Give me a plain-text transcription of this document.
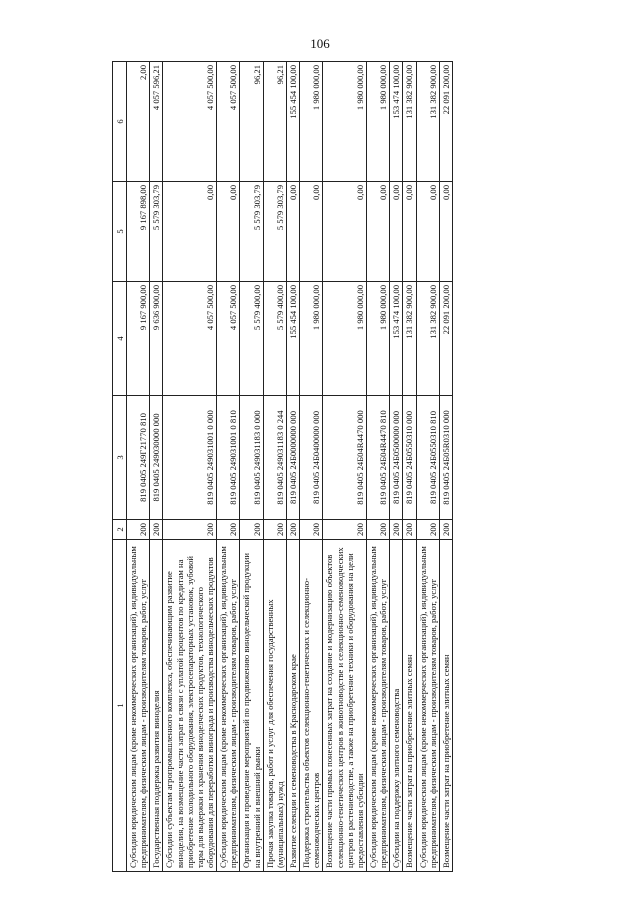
106
1	2	3	4	5	6
Субсидии юридическим лицам (кроме некоммерческих организаций), индивидуальным предпринимателям, физическим лицам - производителям товаров, работ, услуг	200	819 0405 249Г21770 810	9 167 900,00	9 167 898,00	2,00
Государственная поддержка развития виноделия	200	819 0405 249030000 000	9 636 900,00	5 579 303,79	4 057 596,21
Субсидии субъектам агропромышленного комплекса, обеспечивающим развитие виноделия, на возмещение части затрат в связи с уплатой процентов по кредитам на приобретение холодильного оборудования, электросепараторных установок, зубовой тары для выдержки и хранения виноделческих продуктов, технологического оборудования для переработки винограда и производства винодельческих продуктов	200	819 0405 249031001 0 000	4 057 500,00	0,00	4 057 500,00
Субсидии юридическим лицам (кроме некоммерческих организаций), индивидуальным предпринимателям, физическим лицам - производителям товаров, работ, услуг	200	819 0405 249031001 0 810	4 057 500,00	0,00	4 057 500,00
Организация и проведение мероприятий по продвижению винодельческой продукции на внутренний и внешний рынки	200	819 0405 249031183 0 000	5 579 400,00	5 579 303,79	96,21
Прочая закупка товаров, работ и услуг для обеспечения государственных (муниципальных) нужд	200	819 0405 249031183 0 244	5 579 400,00	5 579 303,79	96,21
Развитие селекции и семеноводства в Краснодарском крае	200	819 0405 24Б0000000 000	155 454 100,00	0,00	155 454 100,00
Поддержка строительства объектов селекционно-генетических и селекционно-семеноводческих центров	200	819 0405 24Б0400000 000	1 980 000,00	0,00	1 980 000,00
Возмещение части прямых понесенных затрат на создание и модернизацию объектов селекционно-генетических центров в животноводстве и селекционно-семеноводческих центров в растениеводстве, а также на приобретение техники и оборудования на цели предоставления субсидии	200	819 0405 24Б04R4470 000	1 980 000,00	0,00	1 980 000,00
Субсидии юридическим лицам (кроме некоммерческих организаций), индивидуальным предпринимателям, физическим лицам - производителям товаров, работ, услуг	200	819 0405 24Б04R4470 810	1 980 000,00	0,00	1 980 000,00
Субсидии на поддержку элитного семеноводства	200	819 0405 24Б0500000 000	153 474 100,00	0,00	153 474 100,00
Возмещение части затрат на приобретение элитных семян	200	819 0405 24Б0550310 000	131 382 900,00	0,00	131 382 900,00
Субсидии юридическим лицам (кроме некоммерческих организаций), индивидуальным предпринимателям, физическим лицам - производителям товаров, работ, услуг	200	819 0405 24Б0550310 810	131 382 900,00	0,00	131 382 900,00
Возмещение части затрат на приобретение элитных семян	200	819 0405 24Б05R0310 000	22 091 200,00	0,00	22 091 200,00
